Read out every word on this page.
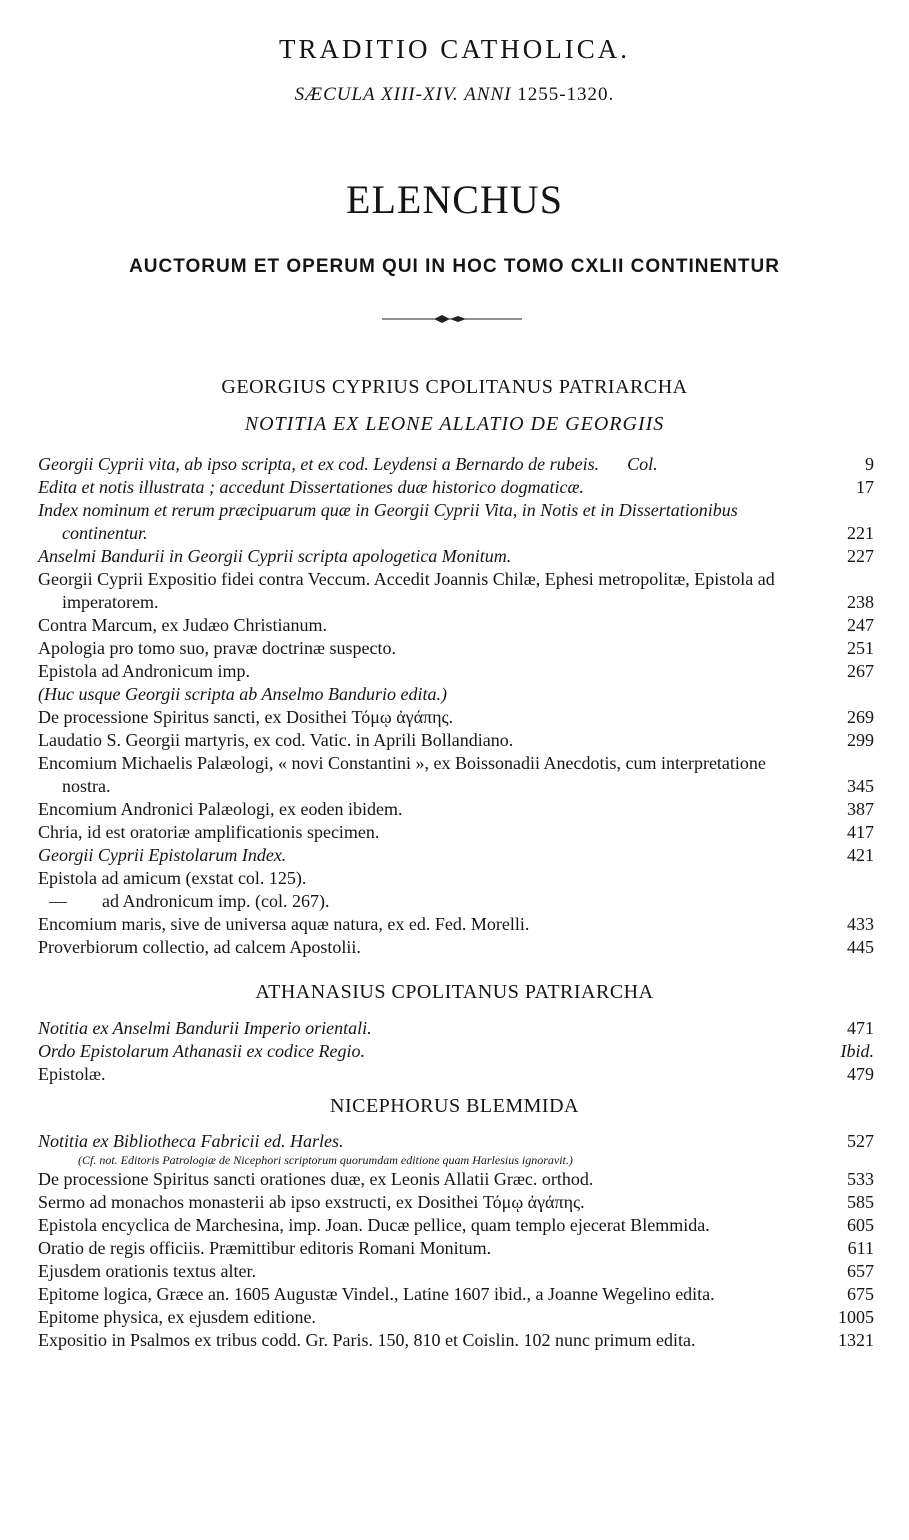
TRADITIO CATHOLICA.
SÆCULA XIII-XIV. ANNI 1255-1320.
ELENCHUS
AUCTORUM ET OPERUM QUI IN HOC TOMO CXLII CONTINENTUR
GEORGIUS CYPRIUS CPOLITANUS PATRIARCHA
NOTITIA EX LEONE ALLATIO DE GEORGIIS
Georgii Cyprii vita, ab ipso scripta, et ex cod. Leydensi a Bernardo de rubeis. Col.	9
Edita et notis illustrata ; accedunt Dissertationes duæ historico dogmaticæ.	17
Index nominum et rerum præcipuarum quæ in Georgii Cyprii Vita, in Notis et in Dissertationibus continentur.	221
Anselmi Bandurii in Georgii Cyprii scripta apologetica Monitum.	227
Georgii Cyprii Expositio fidei contra Veccum. Accedit Joannis Chilæ, Ephesi metropolitæ, Epistola ad imperatorem.	238
Contra Marcum, ex Judæo Christianum.	247
Apologia pro tomo suo, pravæ doctrinæ suspecto.	251
Epistola ad Andronicum imp.	267
(Huc usque Georgii scripta ab Anselmo Bandurio edita.)
De processione Spiritus sancti, ex Dosithei Τόμῳ ἀγάπης.	269
Laudatio S. Georgii martyris, ex cod. Vatic. in Aprili Bollandiano.	299
Encomium Michaelis Palæologi, « novi Constantini », ex Boissonadii Anecdotis, cum interpretatione nostra.	345
Encomium Andronici Palæologi, ex eoden ibidem.	387
Chria, id est oratoriæ amplificationis specimen.	417
Georgii Cyprii Epistolarum Index.	421
Epistola ad amicum (exstat col. 125).
— ad Andronicum imp. (col. 267).
Encomium maris, sive de universa aquæ natura, ex ed. Fed. Morelli.	433
Proverbiorum collectio, ad calcem Apostolii.	445
ATHANASIUS CPOLITANUS PATRIARCHA
Notitia ex Anselmi Bandurii Imperio orientali.	471
Ordo Epistolarum Athanasii ex codice Regio.	Ibid.
Epistolæ.	479
NICEPHORUS BLEMMIDA
Notitia ex Bibliotheca Fabricii ed. Harles.	527
(Cf. not. Editoris Patrologiæ de Nicephori scriptorum quorumdam editione quam Harlesius ignoravit.)
De processione Spiritus sancti orationes duæ, ex Leonis Allatii Græc. orthod.	533
Sermo ad monachos monasterii ab ipso exstructi, ex Dosithei Τόμῳ ἀγάπης.	585
Epistola encyclica de Marchesina, imp. Joan. Ducæ pellice, quam templo ejecerat Blemmida.	605
Oratio de regis officiis. Præmittibur editoris Romani Monitum.	611
Ejusdem orationis textus alter.	657
Epitome logica, Græce an. 1605 Augustæ Vindel., Latine 1607 ibid., a Joanne Wegelino edita.	675
Epitome physica, ex ejusdem editione.	1005
Expositio in Psalmos ex tribus codd. Gr. Paris. 150, 810 et Coislin. 102 nunc primum edita.	1321
